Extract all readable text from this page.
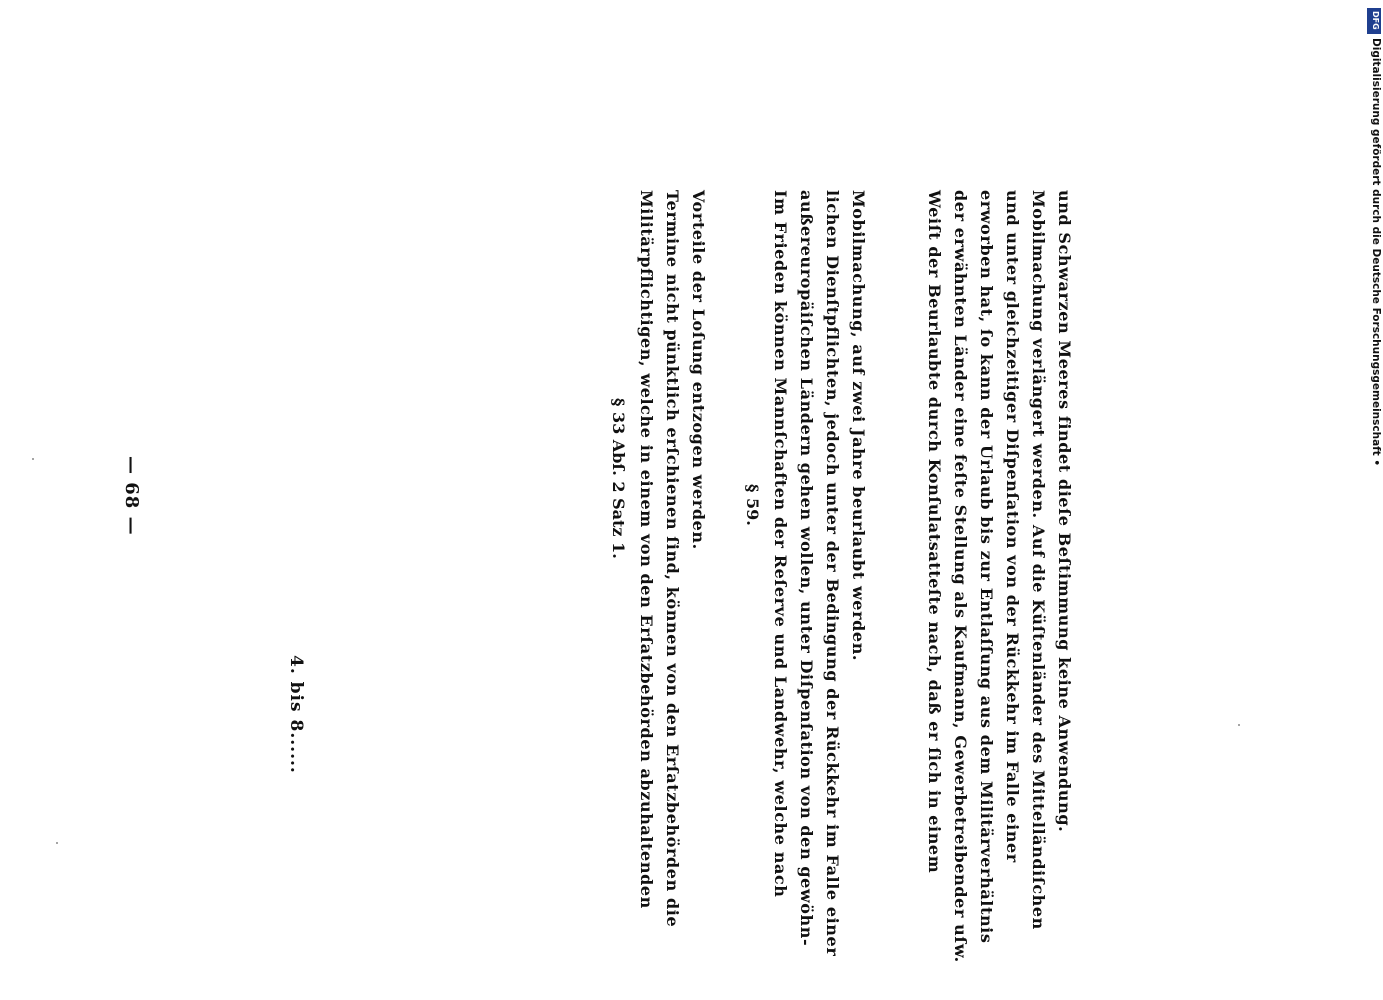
— 68 —
4. bis 8......
§ 33 Abſ. 2 Satz 1. Militärpflichtigen, welche in einem von den Erſatzbehörden abzuhaltenden Termine nicht pünktlich erſchienen ſind, können von den Erſatzbehörden die Vorteile der Loſung entzogen werden. § 59. Im Frieden können Mannſchaften der Reſerve und Landwehr, welche nach außereuropäiſchen Ländern gehen wollen, unter Diſpenſation von den gewöhn- lichen Dienſtpflichten, jedoch unter der Bedingung der Rückkehr im Falle einer Mobilmachung, auf zwei Jahre beurlaubt werden.	Weiſt der Beurlaubte durch Konſulatsatteſte nach, daß er ſich in einem der erwähnten Länder eine feſte Stellung als Kaufmann, Gewerbetreibender uſw. erworben hat, ſo kann der Urlaub bis zur Entlaſſung aus dem Militärverhältnis und unter gleichzeitiger Diſpenſation von der Rückkehr im Falle einer Mobilmachung verlängert werden. Auf die Küſtenländer des Mittelländiſchen und Schwarzen Meeres findet dieſe Beſtimmung keine Anwendung.
DFG
Digitalisierung gefördert durch die Deutsche Forschungsgemeinschaft •
